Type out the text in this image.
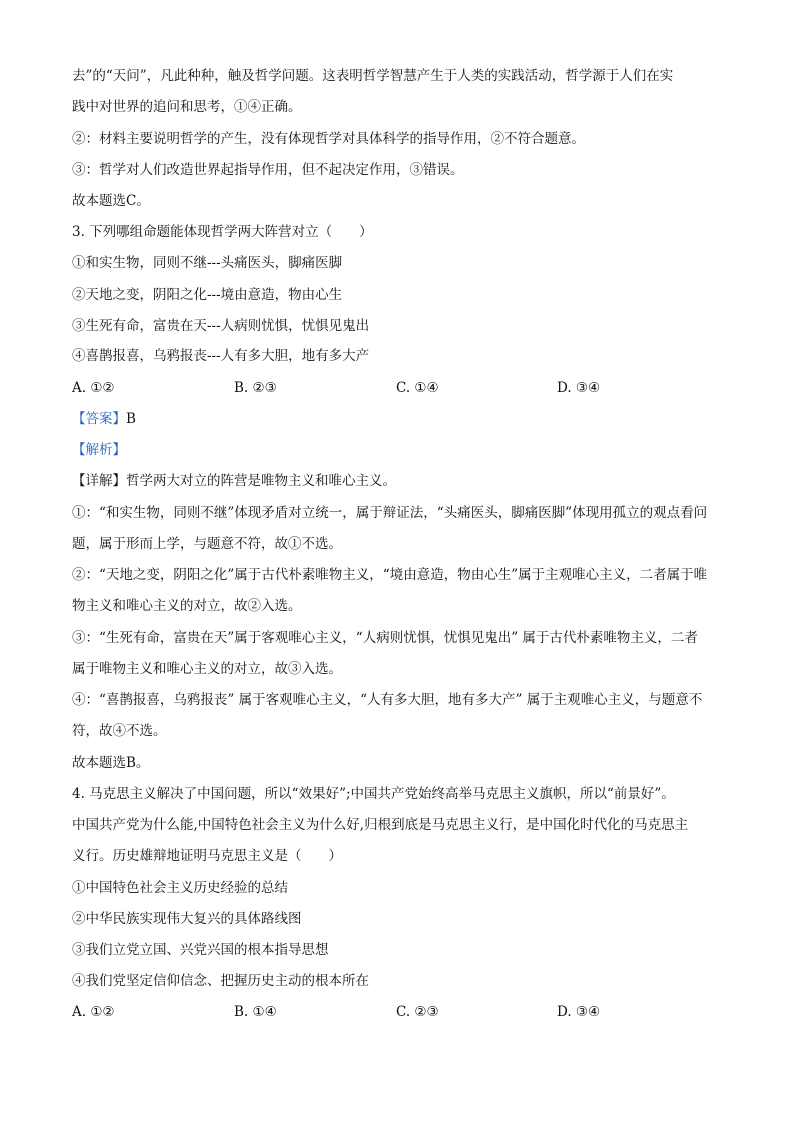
去”的“天问”，凡此种种，触及哲学问题。这表明哲学智慧产生于人类的实践活动，哲学源于人们在实
践中对世界的追问和思考，①④正确。
②：材料主要说明哲学的产生，没有体现哲学对具体科学的指导作用，②不符合题意。
③：哲学对人们改造世界起指导作用，但不起决定作用，③错误。
故本题选C。
3. 下列哪组命题能体现哲学两大阵营对立（　　）
①和实生物，同则不继---头痛医头，脚痛医脚
②天地之变，阴阳之化---境由意造，物由心生
③生死有命，富贵在天---人病则忧惧，忧惧见鬼出
④喜鹊报喜，乌鸦报丧---人有多大胆，地有多大产
A. ①②	B. ②③	C. ①④	D. ③④
【答案】B
【解析】
【详解】哲学两大对立的阵营是唯物主义和唯心主义。
①：“和实生物，同则不继”体现矛盾对立统一，属于辩证法，“头痛医头，脚痛医脚”体现用孤立的观点看问
题，属于形而上学，与题意不符，故①不选。
②：“天地之变，阴阳之化”属于古代朴素唯物主义，“境由意造，物由心生”属于主观唯心主义，二者属于唯
物主义和唯心主义的对立，故②入选。
③：“生死有命，富贵在天”属于客观唯心主义，“人病则忧惧，忧惧见鬼出” 属于古代朴素唯物主义，二者
属于唯物主义和唯心主义的对立，故③入选。
④：“喜鹊报喜，乌鸦报丧” 属于客观唯心主义，“人有多大胆，地有多大产” 属于主观唯心主义，与题意不
符，故④不选。
故本题选B。
4. 马克思主义解决了中国问题，所以“效果好”;中国共产党始终高举马克思主义旗帜，所以“前景好”。
中国共产党为什么能,中国特色社会主义为什么好,归根到底是马克思主义行，是中国化时代化的马克思主
义行。历史雄辩地证明马克思主义是（　　）
①中国特色社会主义历史经验的总结
②中华民族实现伟大复兴的具体路线图
③我们立党立国、兴党兴国的根本指导思想
④我们党坚定信仰信念、把握历史主动的根本所在
A. ①②	B. ①④	C. ②③	D. ③④
